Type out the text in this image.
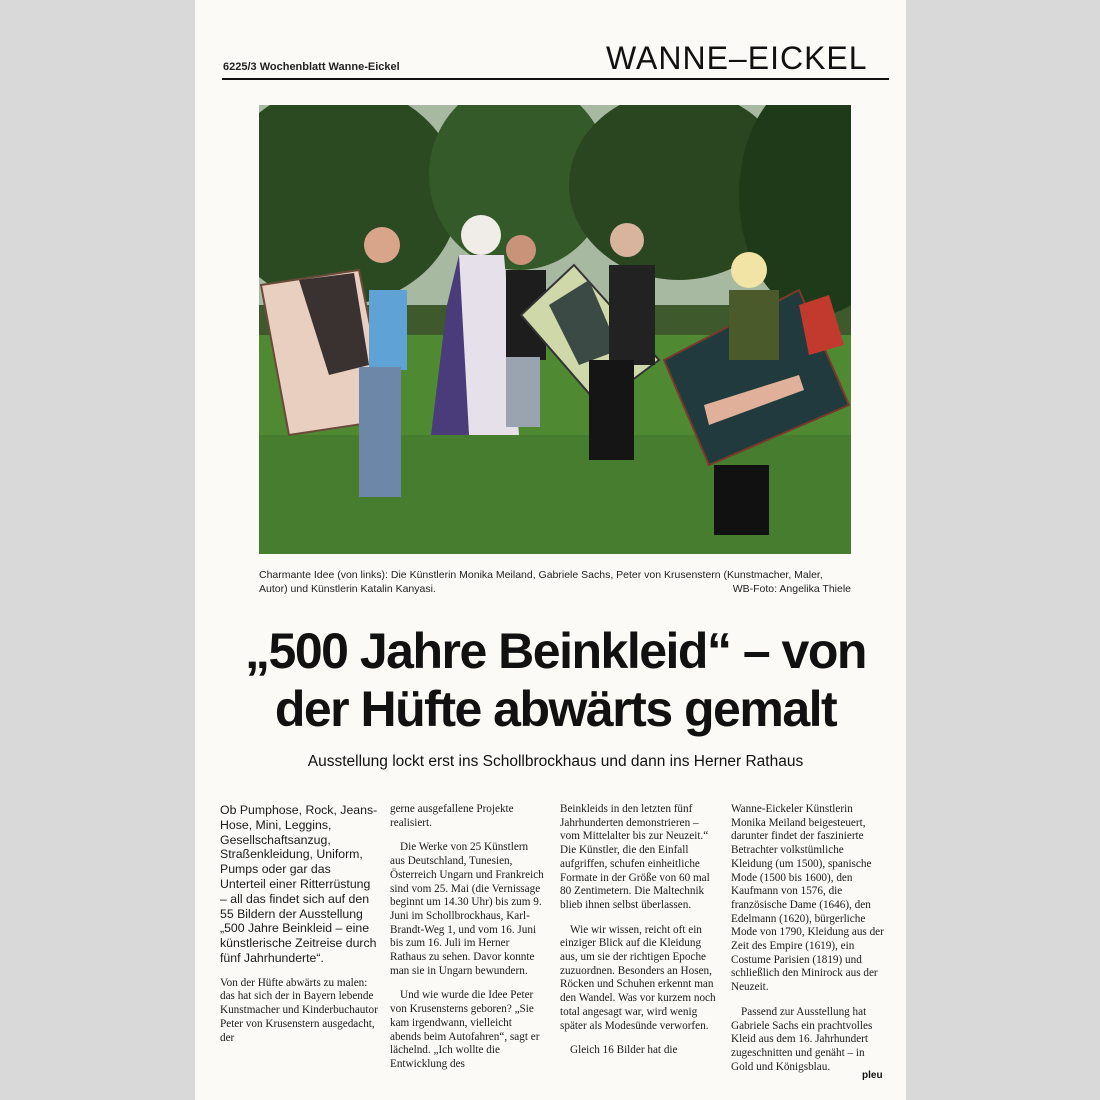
6225/3 Wochenblatt Wanne-Eickel	WANNE–EICKEL
Charmante Idee (von links): Die Künstlerin Monika Meiland, Gabriele Sachs, Peter von Krusenstern (Kunstmacher, Maler, Autor) und Künstlerin Katalin Kanyasi.	WB-Foto: Angelika Thiele
„500 Jahre Beinkleid“ – von
der Hüfte abwärts gemalt
Ausstellung lockt erst ins Schollbrockhaus und dann ins Herner Rathaus

Ob Pumphose, Rock, Jeans-Hose, Mini, Leggins, Gesellschaftsanzug, Straßenkleidung, Uniform, Pumps oder gar das Unterteil einer Ritterrüstung – all das findet sich auf den 55 Bildern der Ausstellung „500 Jahre Beinkleid – eine künstlerische Zeitreise durch fünf Jahrhunderte“.

Von der Hüfte abwärts zu malen: das hat sich der in Bayern lebende Kunstmacher und Kinderbuchautor Peter von Krusenstern ausgedacht, der

gerne ausgefallene Projekte realisiert.

Die Werke von 25 Künstlern aus Deutschland, Tunesien, Österreich Ungarn und Frankreich sind vom 25. Mai (die Vernissage beginnt um 14.30 Uhr) bis zum 9. Juni im Schollbrockhaus, Karl-Brandt-Weg 1, und vom 16. Juni bis zum 16. Juli im Herner Rathaus zu sehen. Davor konnte man sie in Ungarn bewundern.

Und wie wurde die Idee Peter von Krusensterns geboren? „Sie kam irgendwann, vielleicht abends beim Autofahren“, sagt er lächelnd. „Ich wollte die Entwicklung des

Beinkleids in den letzten fünf Jahrhunderten demonstrieren – vom Mittelalter bis zur Neuzeit.“ Die Künstler, die den Einfall aufgriffen, schufen einheitliche Formate in der Größe von 60 mal 80 Zentimetern. Die Maltechnik blieb ihnen selbst überlassen.

Wie wir wissen, reicht oft ein einziger Blick auf die Kleidung aus, um sie der richtigen Epoche zuzuordnen. Besonders an Hosen, Röcken und Schuhen erkennt man den Wandel. Was vor kurzem noch total angesagt war, wird wenig später als Modesünde verworfen.

Gleich 16 Bilder hat die

Wanne-Eickeler Künstlerin Monika Meiland beigesteuert, darunter findet der faszinierte Betrachter volkstümliche Kleidung (um 1500), spanische Mode (1500 bis 1600), den Kaufmann von 1576, die französische Dame (1646), den Edelmann (1620), bürgerliche Mode von 1790, Kleidung aus der Zeit des Empire (1619), ein Costume Parisien (1819) und schließlich den Minirock aus der Neuzeit.

Passend zur Ausstellung hat Gabriele Sachs ein prachtvolles Kleid aus dem 16. Jahrhundert zugeschnitten und genäht – in Gold und Königsblau.

pleu
